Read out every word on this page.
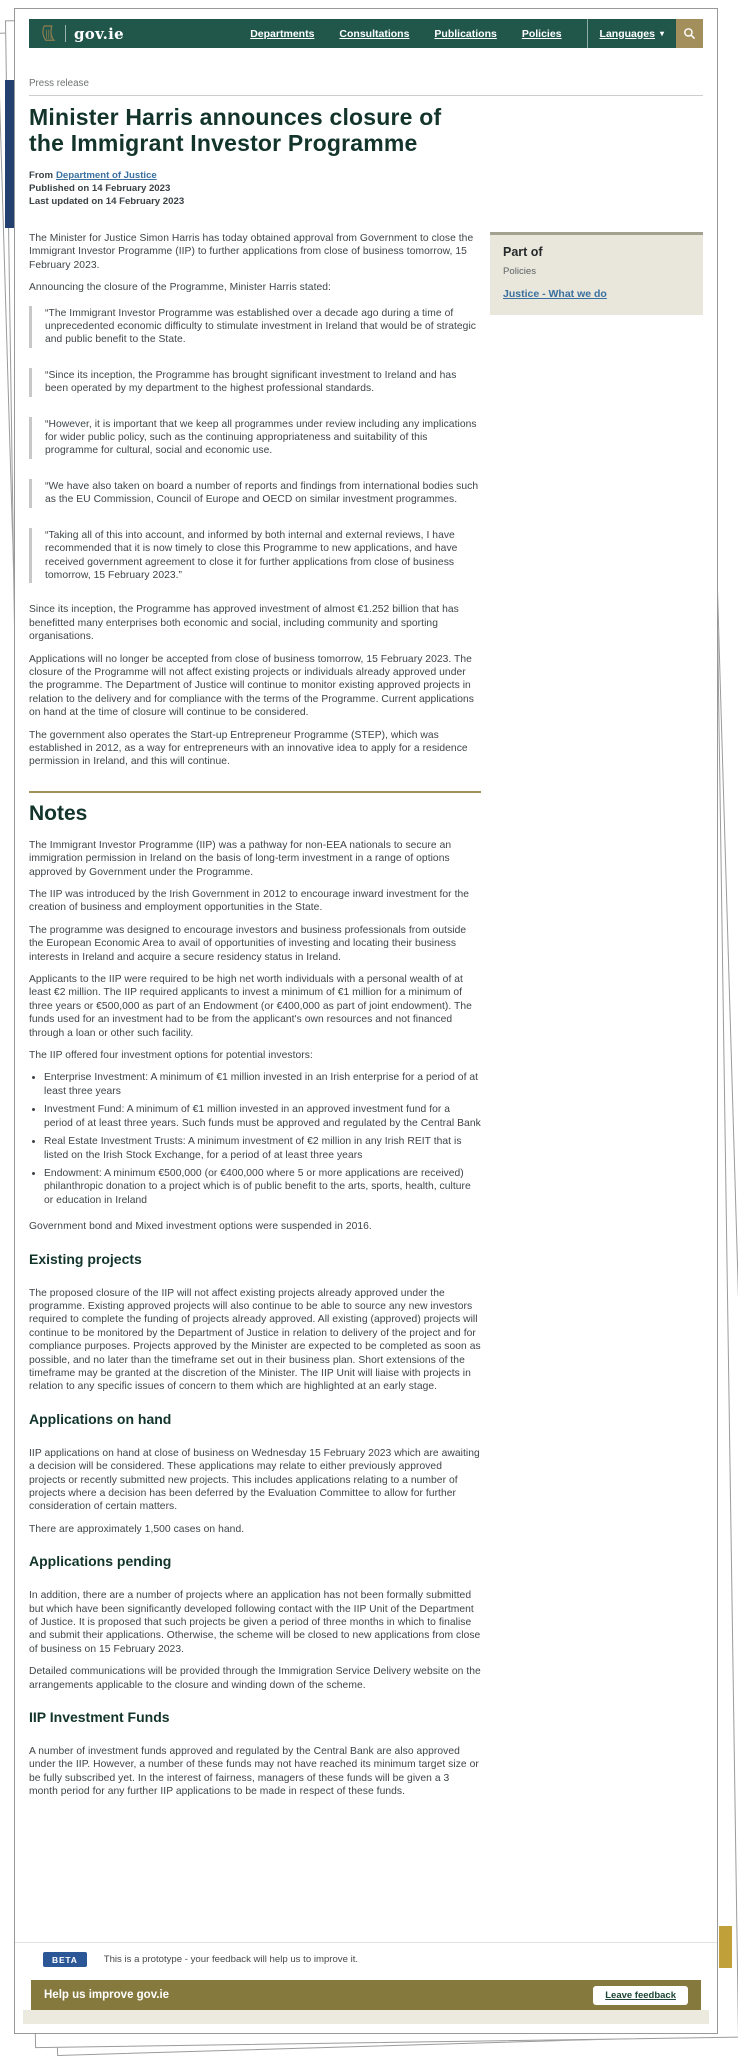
gov.ie	Departments Consultations Publications Policies	Languages ▾
Press release
Minister Harris announces closure of the Immigrant Investor Programme
From Department of Justice
Published on 14 February 2023
Last updated on 14 February 2023

The Minister for Justice Simon Harris has today obtained approval from Government to close the Immigrant Investor Programme (IIP) to further applications from close of business tomorrow, 15 February 2023.

Announcing the closure of the Programme, Minister Harris stated:

“The Immigrant Investor Programme was established over a decade ago during a time of unprecedented economic difficulty to stimulate investment in Ireland that would be of strategic and public benefit to the State.

“Since its inception, the Programme has brought significant investment to Ireland and has been operated by my department to the highest professional standards.

“However, it is important that we keep all programmes under review including any implications for wider public policy, such as the continuing appropriateness and suitability of this programme for cultural, social and economic use.

“We have also taken on board a number of reports and findings from international bodies such as the EU Commission, Council of Europe and OECD on similar investment programmes.

“Taking all of this into account, and informed by both internal and external reviews, I have recommended that it is now timely to close this Programme to new applications, and have received government agreement to close it for further applications from close of business tomorrow, 15 February 2023.”

Since its inception, the Programme has approved investment of almost €1.252 billion that has benefitted many enterprises both economic and social, including community and sporting organisations.

Applications will no longer be accepted from close of business tomorrow, 15 February 2023. The closure of the Programme will not affect existing projects or individuals already approved under the programme. The Department of Justice will continue to monitor existing approved projects in relation to the delivery and for compliance with the terms of the Programme. Current applications on hand at the time of closure will continue to be considered.

The government also operates the Start-up Entrepreneur Programme (STEP), which was established in 2012, as a way for entrepreneurs with an innovative idea to apply for a residence permission in Ireland, and this will continue.

Notes

The Immigrant Investor Programme (IIP) was a pathway for non-EEA nationals to secure an immigration permission in Ireland on the basis of long-term investment in a range of options approved by Government under the Programme.

The IIP was introduced by the Irish Government in 2012 to encourage inward investment for the creation of business and employment opportunities in the State.

The programme was designed to encourage investors and business professionals from outside the European Economic Area to avail of opportunities of investing and locating their business interests in Ireland and acquire a secure residency status in Ireland.

Applicants to the IIP were required to be high net worth individuals with a personal wealth of at least €2 million. The IIP required applicants to invest a minimum of €1 million for a minimum of three years or €500,000 as part of an Endowment (or €400,000 as part of joint endowment). The funds used for an investment had to be from the applicant's own resources and not financed through a loan or other such facility.

The IIP offered four investment options for potential investors:

• Enterprise Investment: A minimum of €1 million invested in an Irish enterprise for a period of at least three years
• Investment Fund: A minimum of €1 million invested in an approved investment fund for a period of at least three years. Such funds must be approved and regulated by the Central Bank
• Real Estate Investment Trusts: A minimum investment of €2 million in any Irish REIT that is listed on the Irish Stock Exchange, for a period of at least three years
• Endowment: A minimum €500,000 (or €400,000 where 5 or more applications are received) philanthropic donation to a project which is of public benefit to the arts, sports, health, culture or education in Ireland

Government bond and Mixed investment options were suspended in 2016.

Existing projects

The proposed closure of the IIP will not affect existing projects already approved under the programme. Existing approved projects will also continue to be able to source any new investors required to complete the funding of projects already approved. All existing (approved) projects will continue to be monitored by the Department of Justice in relation to delivery of the project and for compliance purposes. Projects approved by the Minister are expected to be completed as soon as possible, and no later than the timeframe set out in their business plan. Short extensions of the timeframe may be granted at the discretion of the Minister. The IIP Unit will liaise with projects in relation to any specific issues of concern to them which are highlighted at an early stage.

Applications on hand

IIP applications on hand at close of business on Wednesday 15 February 2023 which are awaiting a decision will be considered. These applications may relate to either previously approved projects or recently submitted new projects. This includes applications relating to a number of projects where a decision has been deferred by the Evaluation Committee to allow for further consideration of certain matters.

There are approximately 1,500 cases on hand.

Applications pending

In addition, there are a number of projects where an application has not been formally submitted but which have been significantly developed following contact with the IIP Unit of the Department of Justice. It is proposed that such projects be given a period of three months in which to finalise and submit their applications. Otherwise, the scheme will be closed to new applications from close of business on 15 February 2023.

Detailed communications will be provided through the Immigration Service Delivery website on the arrangements applicable to the closure and winding down of the scheme.

IIP Investment Funds

A number of investment funds approved and regulated by the Central Bank are also approved under the IIP. However, a number of these funds may not have reached its minimum target size or be fully subscribed yet. In the interest of fairness, managers of these funds will be given a 3 month period for any further IIP applications to be made in respect of these funds.

Part of
Policies
Justice - What we do
BETA	This is a prototype - your feedback will help us to improve it.
Help us improve gov.ie	Leave feedback
